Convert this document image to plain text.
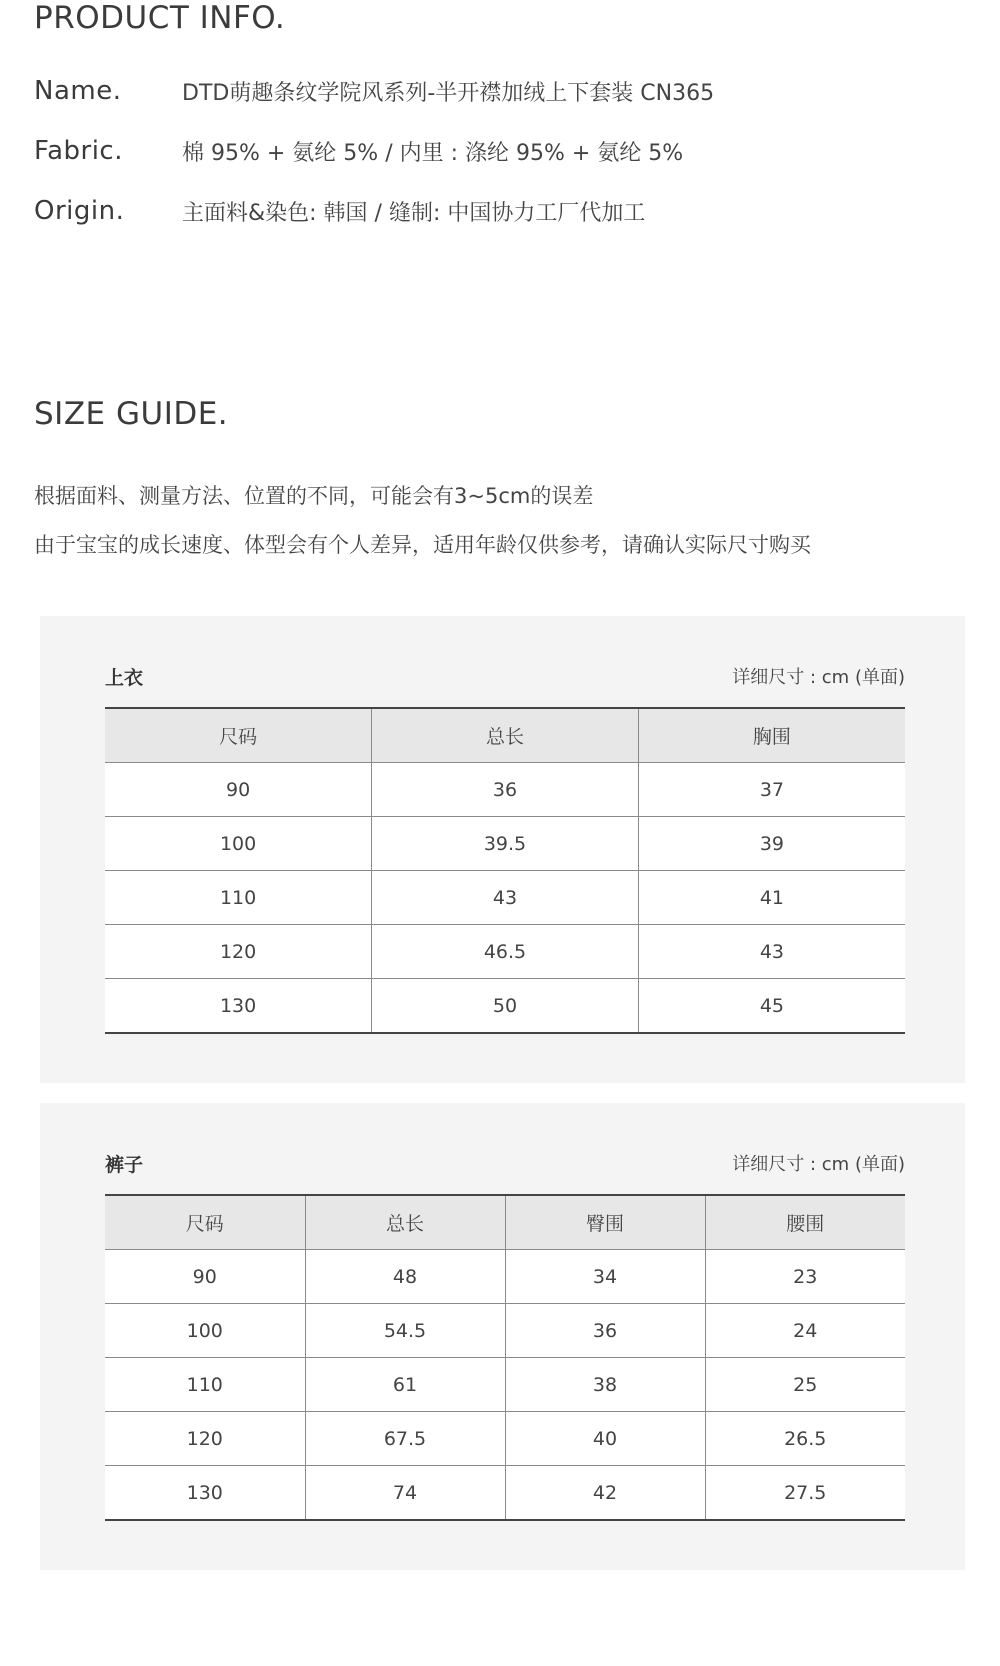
PRODUCT INFO.
Name.	DTD萌趣条纹学院风系列-半开襟加绒上下套装 CN365
Fabric.	棉 95% + 氨纶 5% / 内里 : 涤纶 95% + 氨纶 5%
Origin.	主面料&染色: 韩国 / 缝制: 中国协力工厂代加工
SIZE GUIDE.
根据面料、测量方法、位置的不同，可能会有3~5cm的误差
由于宝宝的成长速度、体型会有个人差异，适用年龄仅供参考，请确认实际尺寸购买
上衣	详细尺寸 : cm (单面)
尺码	总长	胸围
90	36	37
100	39.5	39
110	43	41
120	46.5	43
130	50	45
裤子	详细尺寸 : cm (单面)
尺码	总长	臀围	腰围
90	48	34	23
100	54.5	36	24
110	61	38	25
120	67.5	40	26.5
130	74	42	27.5
